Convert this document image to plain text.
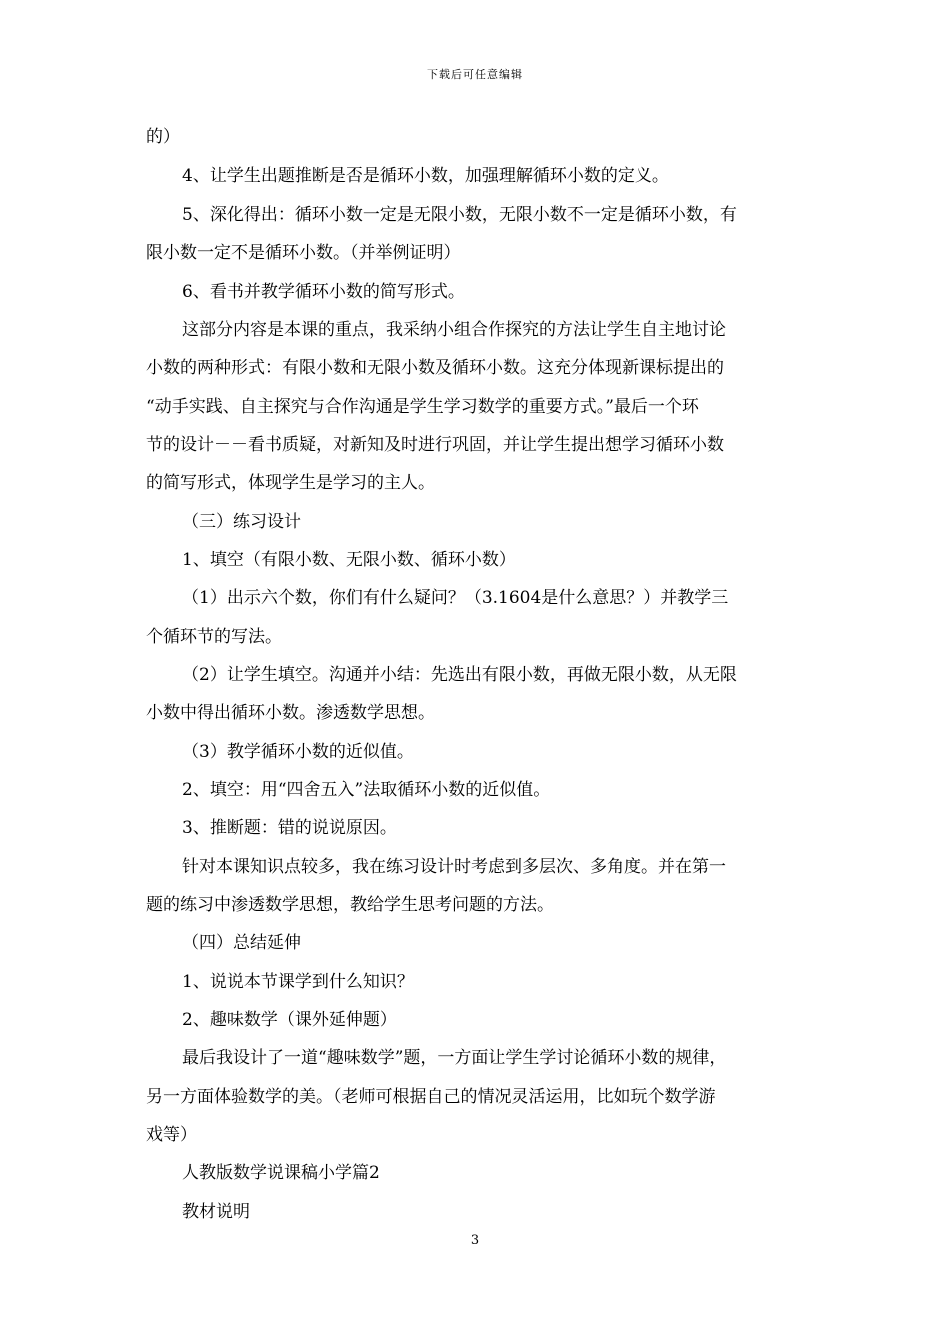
下载后可任意编辑
的）
4、让学生出题推断是否是循环小数，加强理解循环小数的定义。
5、深化得出：循环小数一定是无限小数，无限小数不一定是循环小数，有
限小数一定不是循环小数。（并举例证明）
6、看书并教学循环小数的简写形式。
这部分内容是本课的重点，我采纳小组合作探究的方法让学生自主地讨论
小数的两种形式：有限小数和无限小数及循环小数。这充分体现新课标提出的
“动手实践、自主探究与合作沟通是学生学习数学的重要方式。”最后一个环
节的设计－－看书质疑，对新知及时进行巩固，并让学生提出想学习循环小数
的简写形式，体现学生是学习的主人。
（三）练习设计
1、填空（有限小数、无限小数、循环小数）
（1）出示六个数，你们有什么疑问？（3.1604是什么意思？）并教学三
个循环节的写法。
（2）让学生填空。沟通并小结：先选出有限小数，再做无限小数，从无限
小数中得出循环小数。渗透数学思想。
（3）教学循环小数的近似值。
2、填空：用“四舍五入”法取循环小数的近似值。
3、推断题：错的说说原因。
针对本课知识点较多，我在练习设计时考虑到多层次、多角度。并在第一
题的练习中渗透数学思想，教给学生思考问题的方法。
（四）总结延伸
1、说说本节课学到什么知识？
2、趣味数学（课外延伸题）
最后我设计了一道“趣味数学”题，一方面让学生学讨论循环小数的规律，
另一方面体验数学的美。（老师可根据自己的情况灵活运用，比如玩个数学游
戏等）
人教版数学说课稿小学篇2
教材说明
3
